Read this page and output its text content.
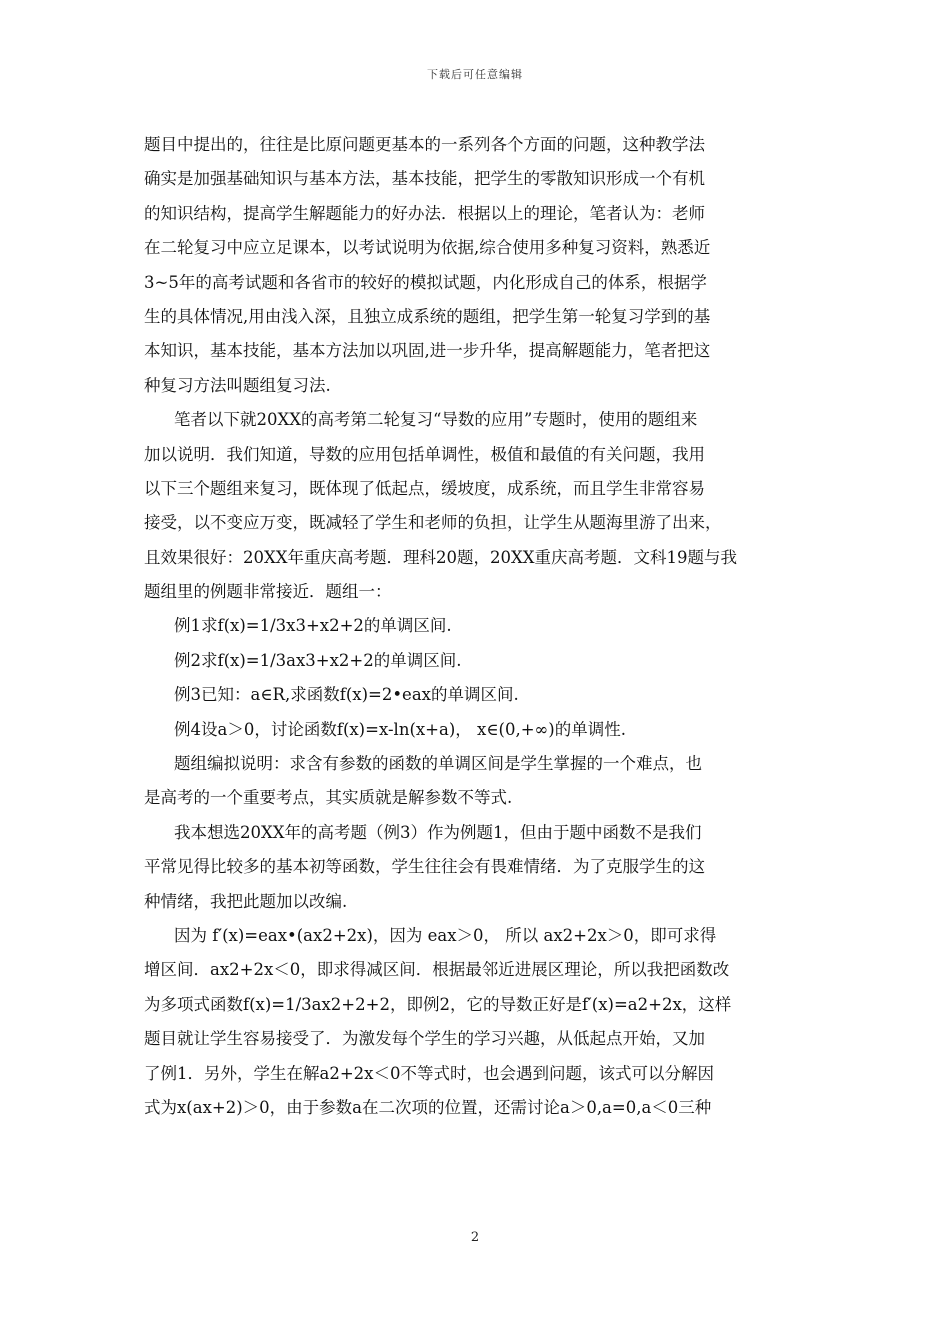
下载后可任意编辑
题目中提出的，往往是比原问题更基本的一系列各个方面的问题，这种教学法
确实是加强基础知识与基本方法，基本技能，把学生的零散知识形成一个有机
的知识结构，提高学生解题能力的好办法．根据以上的理论，笔者认为：老师
在二轮复习中应立足课本，以考试说明为依据,综合使用多种复习资料，熟悉近
3~5年的高考试题和各省市的较好的模拟试题，内化形成自己的体系，根据学
生的具体情况,用由浅入深，且独立成系统的题组，把学生第一轮复习学到的基
本知识，基本技能，基本方法加以巩固,进一步升华，提高解题能力，笔者把这
种复习方法叫题组复习法.
笔者以下就20XX的高考第二轮复习“导数的应用”专题时，使用的题组来
加以说明．我们知道，导数的应用包括单调性，极值和最值的有关问题，我用
以下三个题组来复习，既体现了低起点，缓坡度，成系统，而且学生非常容易
接受，以不变应万变，既减轻了学生和老师的负担，让学生从题海里游了出来，
且效果很好：20XX年重庆高考题．理科20题，20XX重庆高考题．文科19题与我
题组里的例题非常接近．题组一：
例1求f(x)=1/3x3+x2+2的单调区间.
例2求f(x)=1/3ax3+x2+2的单调区间.
例3已知：a∈R,求函数f(x)=2•eax的单调区间.
例4设a＞0，讨论函数f(x)=x-ln(x+a)， x∈(0,+∞)的单调性.
题组编拟说明：求含有参数的函数的单调区间是学生掌握的一个难点，也
是高考的一个重要考点，其实质就是解参数不等式.
我本想选20XX年的高考题（例3）作为例题1，但由于题中函数不是我们
平常见得比较多的基本初等函数，学生往往会有畏难情绪．为了克服学生的这
种情绪，我把此题加以改编.
因为 f′(x)=eax•(ax2+2x)，因为 eax＞0， 所以 ax2+2x＞0，即可求得
增区间．ax2+2x＜0，即求得减区间．根据最邻近进展区理论，所以我把函数改
为多项式函数f(x)=1/3ax2+2+2，即例2，它的导数正好是f′(x)=a2+2x，这样
题目就让学生容易接受了．为激发每个学生的学习兴趣，从低起点开始，又加
了例1．另外，学生在解a2+2x＜0不等式时，也会遇到问题，该式可以分解因
式为x(ax+2)＞0，由于参数a在二次项的位置，还需讨论a＞0,a=0,a＜0三种
2
